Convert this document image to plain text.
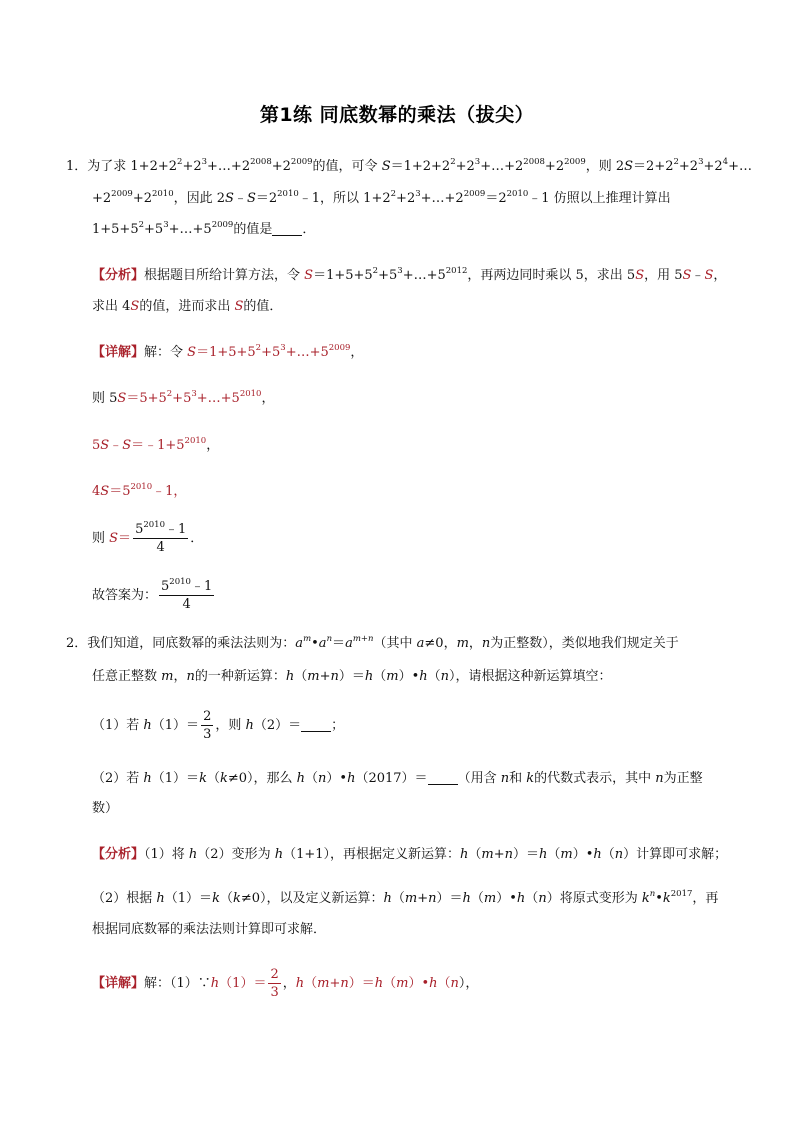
第1练 同底数幂的乘法（拔尖）
1．为了求 $1+2+2^2+2^3+\dots+2^{2008}+2^{2009}$的值，可令 $S=1+2+2^2+2^3+\dots+2^{2008}+2^{2009}$，则 $2S=2+2^2+2^3+2^4+\dots$
$+2^{2009}+2^{2010}$，因此 $2S﹣S=2^{2010}﹣1$，所以 $1+2^2+2^3+\dots+2^{2009}=2^{2010}﹣1$ 仿照以上推理计算出
$1+5+5^2+5^3+\dots+5^{2009}$的值是 ．
【分析】根据题目所给计算方法，令 $S=1+5+5^2+5^3+\dots+5^{2012}$，再两边同时乘以 5，求出 5S，用 5S﹣S，
求出 4S的值，进而求出 S的值．
【详解】解：令 $S=1+5+5^2+5^3+\dots+5^{2009}$，
则 $5S=5+5^2+5^3+\dots+5^{2010}$，
$5S﹣S=﹣1+5^{2010}$，
$4S=5^{2010}﹣1$，
则 $S= \frac{5^{2010}﹣1}{4}$ ．
故答案为： $\frac{5^{2010}﹣1}{4}$
2．我们知道，同底数幂的乘法法则为：$a^m•a^n=a^{m+n}$（其中 a≠0，m，n为正整数），类似地我们规定关于
任意正整数 m，n的一种新运算：h（m+n）＝h（m）•h（n），请根据这种新运算填空：
（1）若 $h(1)= \frac{2}{3}$ ，则 h（2）＝ ；
（2）若 h（1）＝k（k≠0），那么 h（n）•h（2017）＝ （用含 n和 k的代数式表示，其中 n为正整
数）
【分析】（1）将 h（2）变形为 h（1+1），再根据定义新运算：h（m+n）＝h（m）•h（n）计算即可求解；
（2）根据 h（1）＝k（k≠0），以及定义新运算：h（m+n）＝h（m）•h（n）将原式变形为 $k^n•k^{2017}$，再
根据同底数幂的乘法法则计算即可求解．
【详解】解：（1）∵h（1）＝ $\frac{2}{3}$ ，h（m+n）＝h（m）•h（n），
